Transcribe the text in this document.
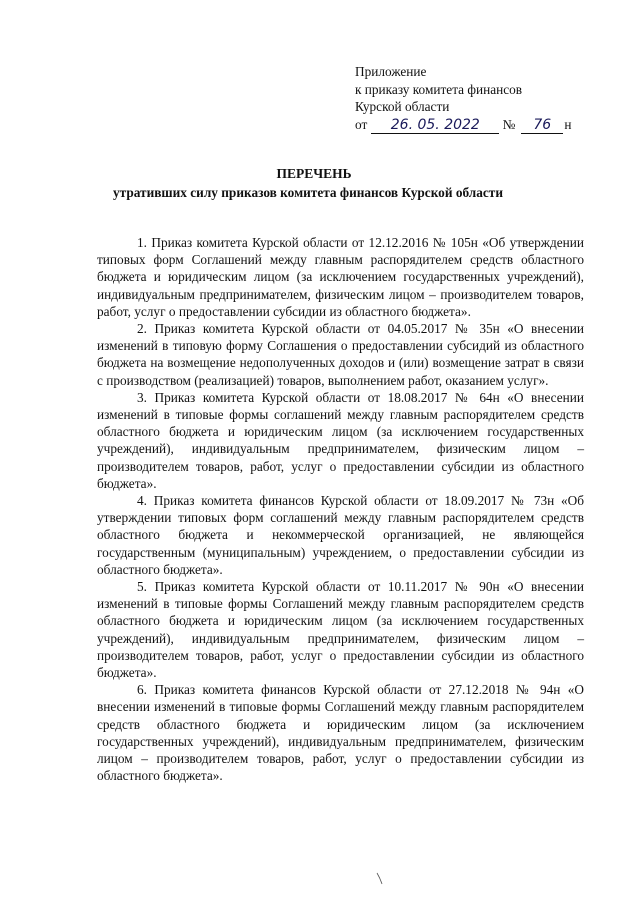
Приложение
к приказу комитета финансов
Курской области
от 26. 05. 2022 № 76 н
ПЕРЕЧЕНЬ
утративших силу приказов комитета финансов Курской области

1. Приказ комитета Курской области от 12.12.2016 № 105н «Об утверждении типовых форм Соглашений между главным распорядителем средств областного бюджета и юридическим лицом (за исключением государственных учреждений), индивидуальным предпринимателем, физическим лицом – производителем товаров, работ, услуг о предоставлении субсидии из областного бюджета».

2. Приказ комитета Курской области от 04.05.2017 № 35н «О внесении изменений в типовую форму Соглашения о предоставлении субсидий из областного бюджета на возмещение недополученных доходов и (или) возмещение затрат в связи с производством (реализацией) товаров, выполнением работ, оказанием услуг».

3. Приказ комитета Курской области от 18.08.2017 № 64н «О внесении изменений в типовые формы соглашений между главным распорядителем средств областного бюджета и юридическим лицом (за исключением государственных учреждений), индивидуальным предпринимателем, физическим лицом – производителем товаров, работ, услуг о предоставлении субсидии из областного бюджета».

4. Приказ комитета финансов Курской области от 18.09.2017 № 73н «Об утверждении типовых форм соглашений между главным распорядителем средств областного бюджета и некоммерческой организацией, не являющейся государственным (муниципальным) учреждением, о предоставлении субсидии из областного бюджета».

5. Приказ комитета Курской области от 10.11.2017 № 90н «О внесении изменений в типовые формы Соглашений между главным распорядителем средств областного бюджета и юридическим лицом (за исключением государственных учреждений), индивидуальным предпринимателем, физическим лицом – производителем товаров, работ, услуг о предоставлении субсидии из областного бюджета».

6. Приказ комитета финансов Курской области от 27.12.2018 № 94н «О внесении изменений в типовые формы Соглашений между главным распорядителем средств областного бюджета и юридическим лицом (за исключением государственных учреждений), индивидуальным предпринимателем, физическим лицом – производителем товаров, работ, услуг о предоставлении субсидии из областного бюджета».
